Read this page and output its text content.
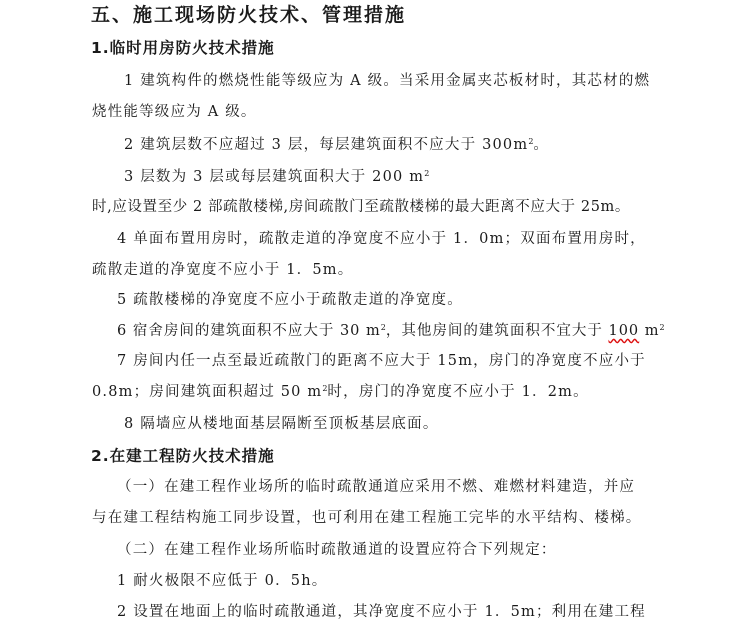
五、施工现场防火技术、管理措施
1.临时用房防火技术措施
1 建筑构件的燃烧性能等级应为 A 级。当采用金属夹芯板材时，其芯材的燃
烧性能等级应为 A 级。
2 建筑层数不应超过 3 层，每层建筑面积不应大于 $300m^2$。
3 层数为 3 层或每层建筑面积大于 200 $m^2$
时,应设置至少 2 部疏散楼梯,房间疏散门至疏散楼梯的最大距离不应大于 25m。
4 单面布置用房时，疏散走道的净宽度不应小于 1．0m；双面布置用房时，
疏散走道的净宽度不应小于 1．5m。
5 疏散楼梯的净宽度不应小于疏散走道的净宽度。
6 宿舍房间的建筑面积不应大于 30 $m^2$，其他房间的建筑面积不宜大于 100 $m^2$
7 房间内任一点至最近疏散门的距离不应大于 15m，房门的净宽度不应小于
0.8m；房间建筑面积超过 50 $m^2$时，房门的净宽度不应小于 1．2m。
8 隔墙应从楼地面基层隔断至顶板基层底面。
2.在建工程防火技术措施
（一）在建工程作业场所的临时疏散通道应采用不燃、难燃材料建造，并应
与在建工程结构施工同步设置，也可利用在建工程施工完毕的水平结构、楼梯。
（二）在建工程作业场所临时疏散通道的设置应符合下列规定：
1 耐火极限不应低于 0．5h。
2 设置在地面上的临时疏散通道，其净宽度不应小于 1．5m；利用在建工程
